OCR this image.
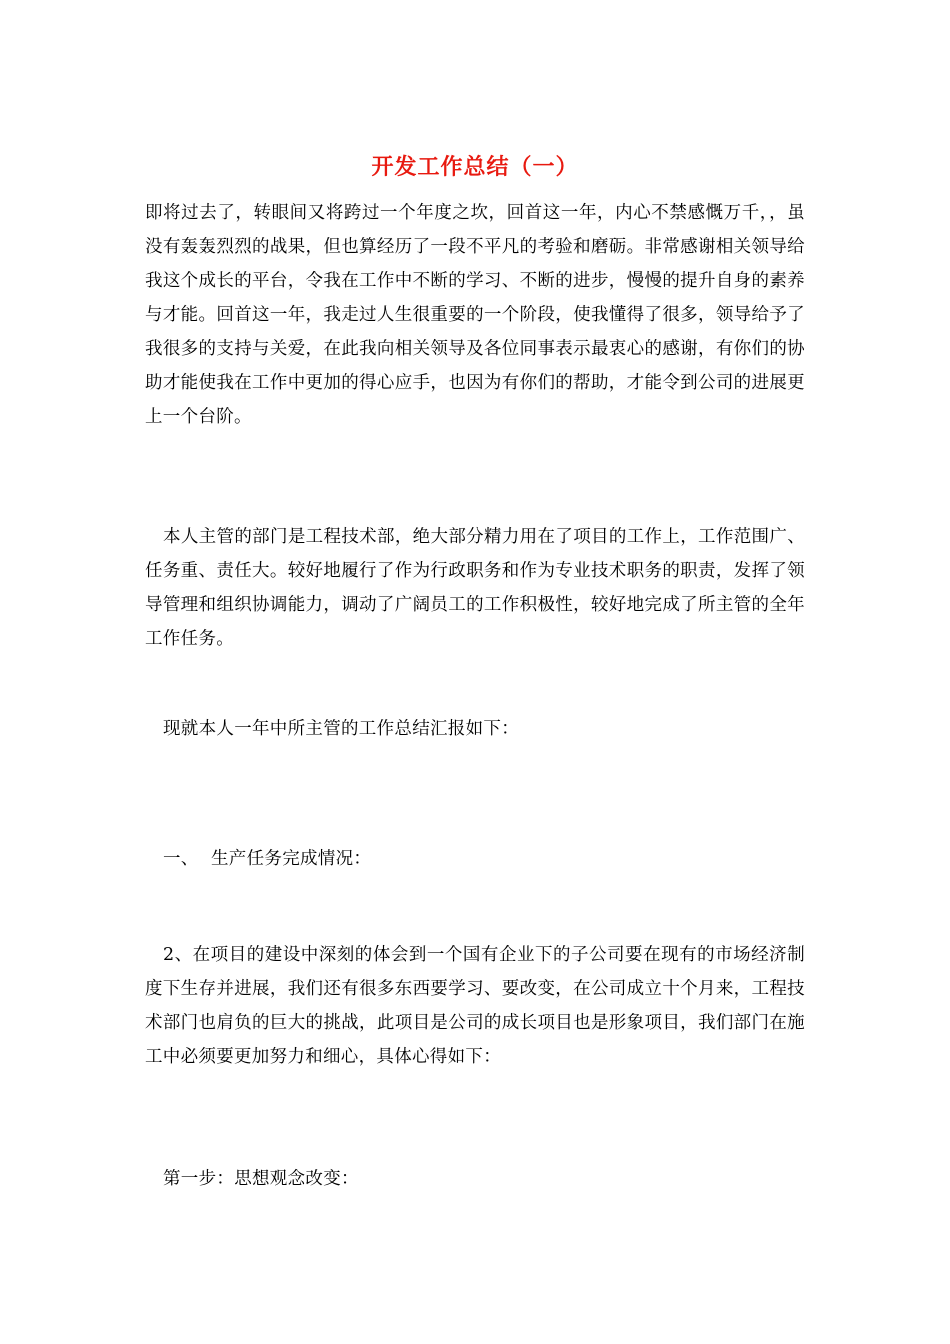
开发工作总结（一）

即将过去了，转眼间又将跨过一个年度之坎，回首这一年，内心不禁感慨万千，，虽没有轰轰烈烈的战果，但也算经历了一段不平凡的考验和磨砺。非常感谢相关领导给我这个成长的平台，令我在工作中不断的学习、不断的进步，慢慢的提升自身的素养与才能。回首这一年，我走过人生很重要的一个阶段，使我懂得了很多，领导给予了我很多的支持与关爱，在此我向相关领导及各位同事表示最衷心的感谢，有你们的协助才能使我在工作中更加的得心应手，也因为有你们的帮助，才能令到公司的进展更上一个台阶。

本人主管的部门是工程技术部，绝大部分精力用在了项目的工作上，工作范围广、任务重、责任大。较好地履行了作为行政职务和作为专业技术职务的职责，发挥了领导管理和组织协调能力，调动了广阔员工的工作积极性，较好地完成了所主管的全年工作任务。

现就本人一年中所主管的工作总结汇报如下：

一、 生产任务完成情况：

2、在项目的建设中深刻的体会到一个国有企业下的子公司要在现有的市场经济制度下生存并进展，我们还有很多东西要学习、要改变，在公司成立十个月来，工程技术部门也肩负的巨大的挑战，此项目是公司的成长项目也是形象项目，我们部门在施工中必须要更加努力和细心，具体心得如下：

第一步：思想观念改变：
